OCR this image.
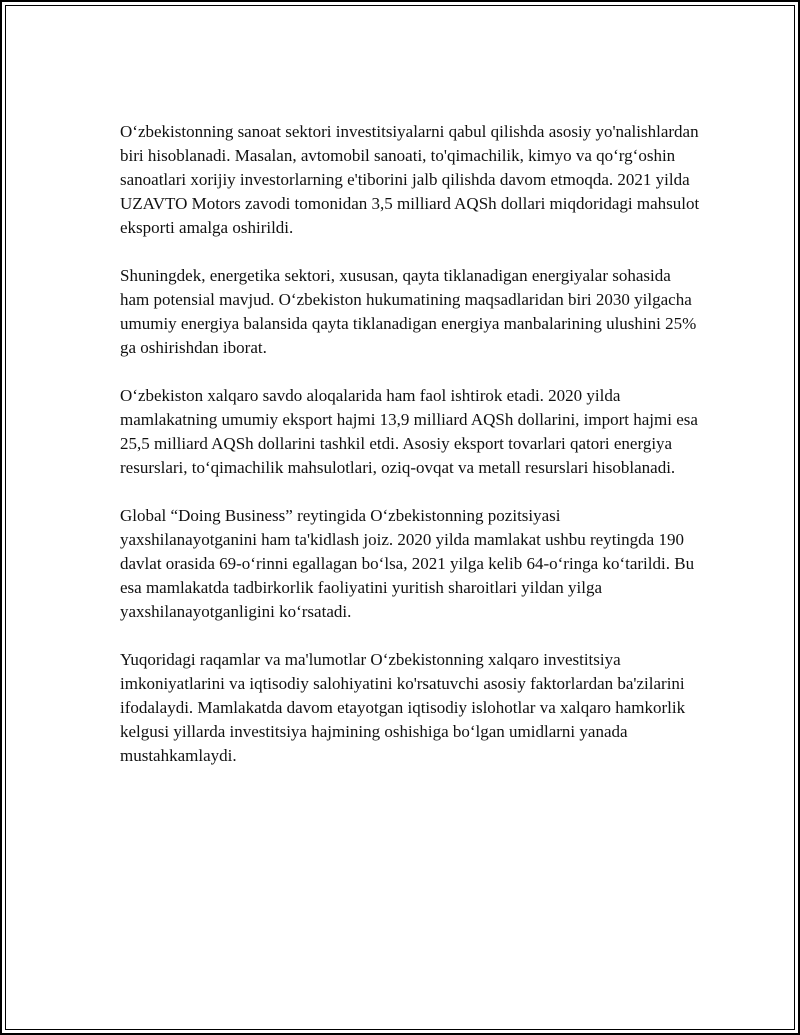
O‘zbekistonning sanoat sektori investitsiyalarni qabul qilishda asosiy yo'nalishlardan biri hisoblanadi. Masalan, avtomobil sanoati, to'qimachilik, kimyo va qo‘rg‘oshin sanoatlari xorijiy investorlarning e'tiborini jalb qilishda davom etmoqda. 2021 yilda UZAVTO Motors zavodi tomonidan 3,5 milliard AQSh dollari miqdoridagi mahsulot eksporti amalga oshirildi.

Shuningdek, energetika sektori, xususan, qayta tiklanadigan energiyalar sohasida ham potensial mavjud. O‘zbekiston hukumatining maqsadlaridan biri 2030 yilgacha umumiy energiya balansida qayta tiklanadigan energiya manbalarining ulushini 25% ga oshirishdan iborat.

O‘zbekiston xalqaro savdo aloqalarida ham faol ishtirok etadi. 2020 yilda mamlakatning umumiy eksport hajmi 13,9 milliard AQSh dollarini, import hajmi esa 25,5 milliard AQSh dollarini tashkil etdi. Asosiy eksport tovarlari qatori energiya resurslari, to‘qimachilik mahsulotlari, oziq-ovqat va metall resurslari hisoblanadi.

Global “Doing Business” reytingida O‘zbekistonning pozitsiyasi yaxshilanayotganini ham ta'kidlash joiz. 2020 yilda mamlakat ushbu reytingda 190 davlat orasida 69-o‘rinni egallagan bo‘lsa, 2021 yilga kelib 64-o‘ringa ko‘tarildi. Bu esa mamlakatda tadbirkorlik faoliyatini yuritish sharoitlari yildan yilga yaxshilanayotganligini ko‘rsatadi.

Yuqoridagi raqamlar va ma'lumotlar O‘zbekistonning xalqaro investitsiya imkoniyatlarini va iqtisodiy salohiyatini ko'rsatuvchi asosiy faktorlardan ba'zilarini ifodalaydi. Mamlakatda davom etayotgan iqtisodiy islohotlar va xalqaro hamkorlik kelgusi yillarda investitsiya hajmining oshishiga bo‘lgan umidlarni yanada mustahkamlaydi.
